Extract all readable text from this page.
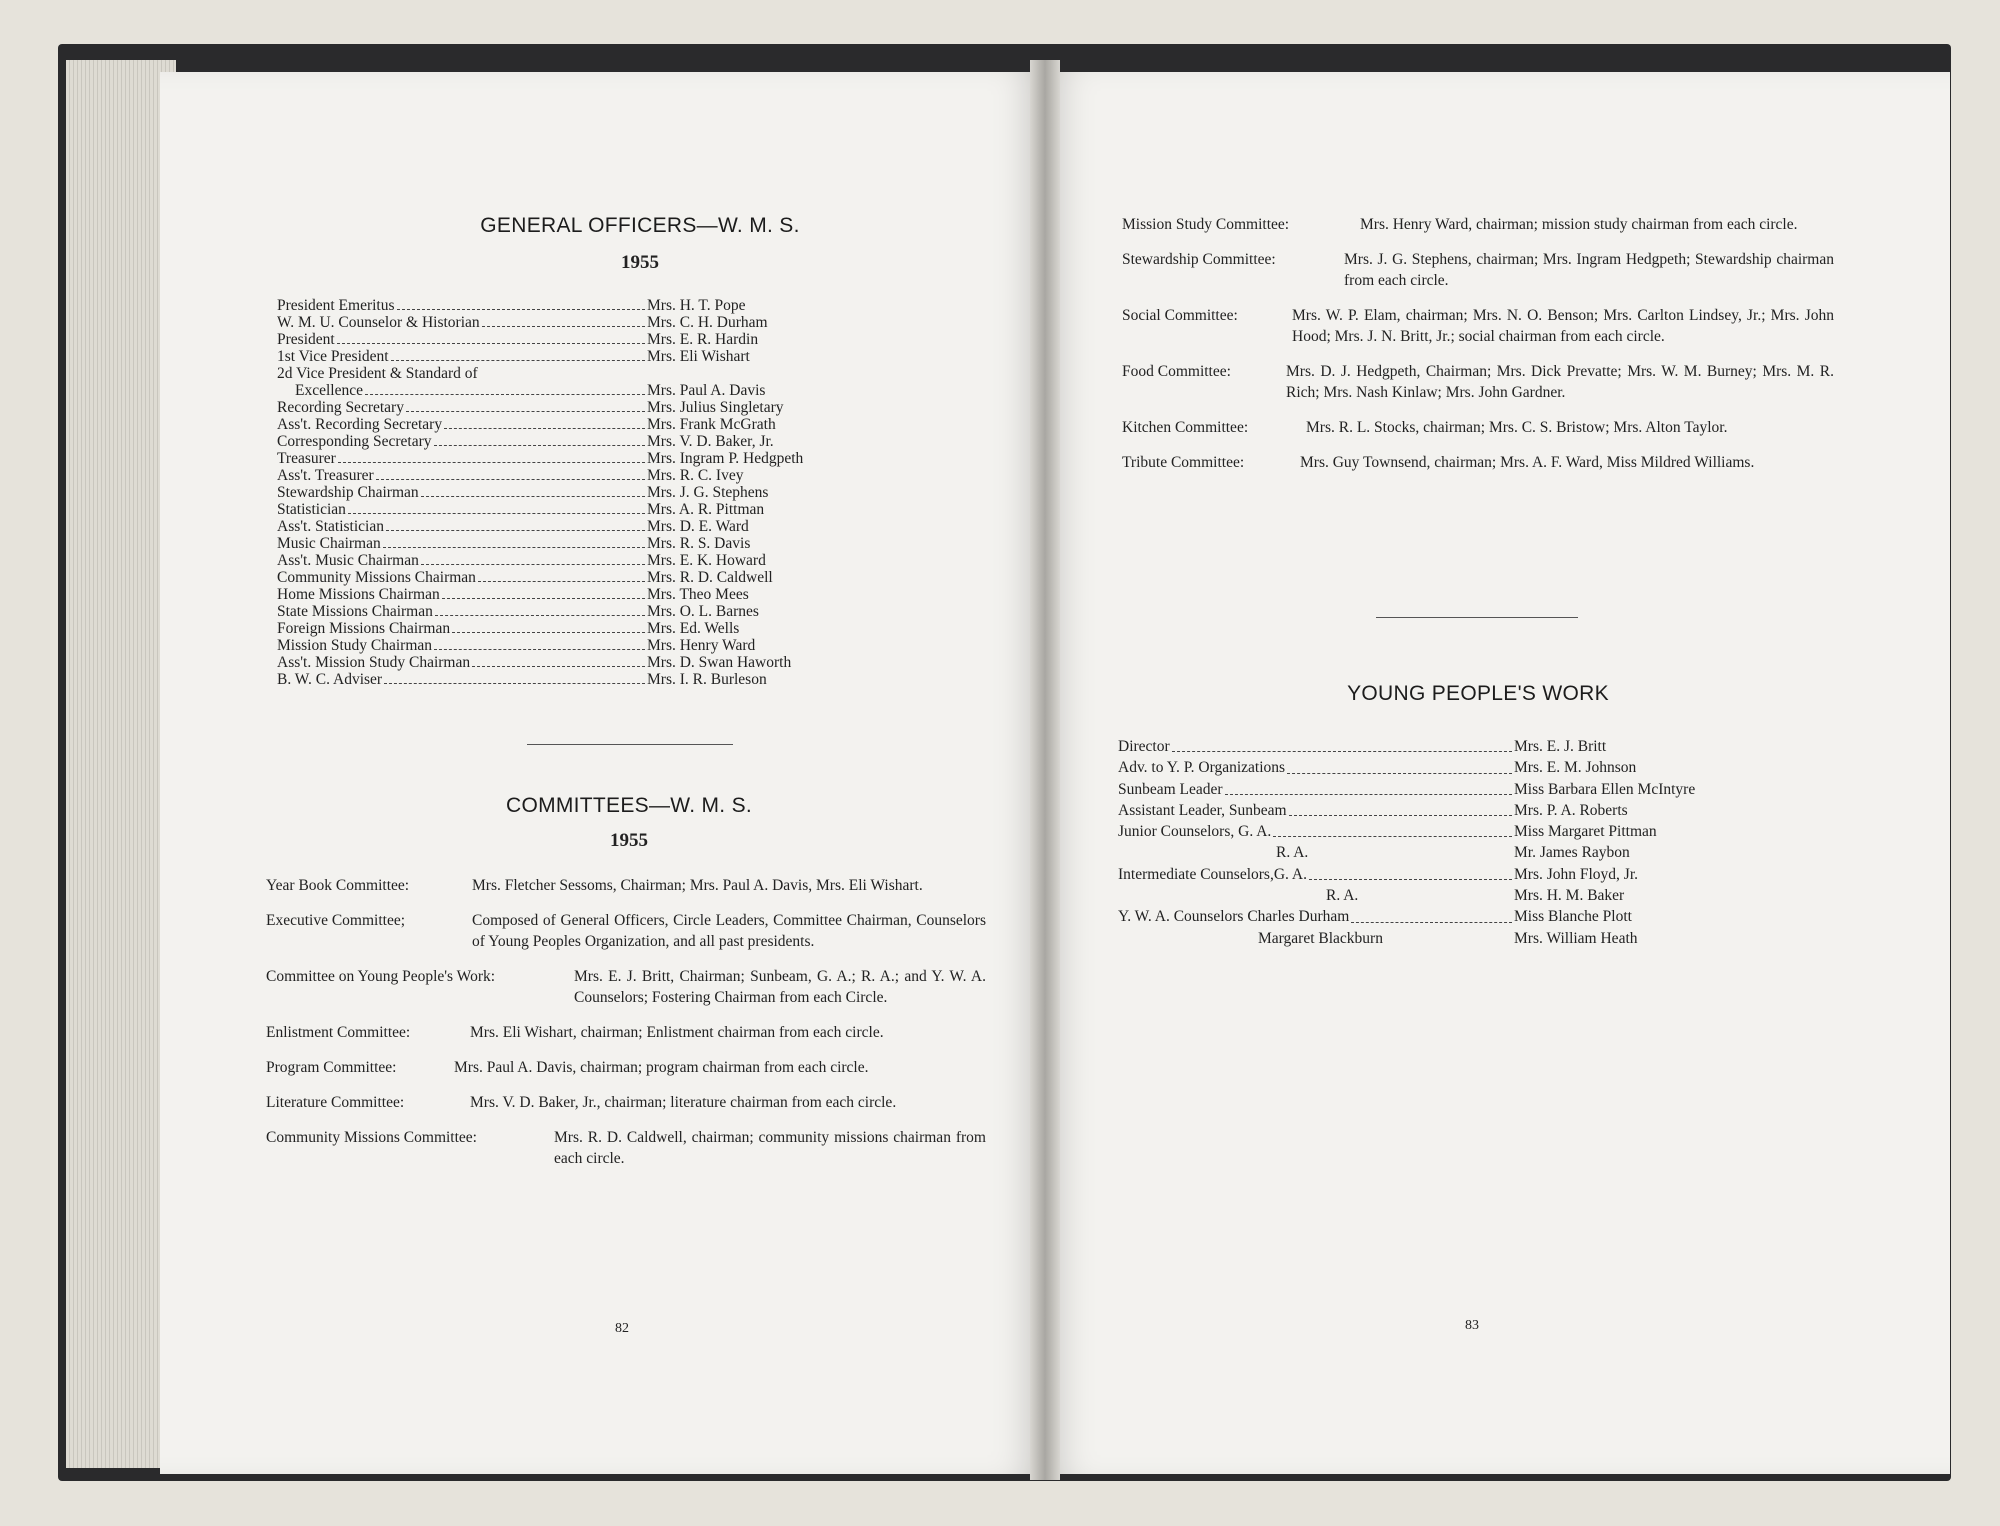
GENERAL OFFICERS—W. M. S.
1955
President Emeritus	Mrs. H. T. Pope
W. M. U. Counselor & Historian	Mrs. C. H. Durham
President	Mrs. E. R. Hardin
1st Vice President	Mrs. Eli Wishart
2d Vice President & Standard of
Excellence	Mrs. Paul A. Davis
Recording Secretary	Mrs. Julius Singletary
Ass't. Recording Secretary	Mrs. Frank McGrath
Corresponding Secretary	Mrs. V. D. Baker, Jr.
Treasurer	Mrs. Ingram P. Hedgpeth
Ass't. Treasurer	Mrs. R. C. Ivey
Stewardship Chairman	Mrs. J. G. Stephens
Statistician	Mrs. A. R. Pittman
Ass't. Statistician	Mrs. D. E. Ward
Music Chairman	Mrs. R. S. Davis
Ass't. Music Chairman	Mrs. E. K. Howard
Community Missions Chairman	Mrs. R. D. Caldwell
Home Missions Chairman	Mrs. Theo Mees
State Missions Chairman	Mrs. O. L. Barnes
Foreign Missions Chairman	Mrs. Ed. Wells
Mission Study Chairman	Mrs. Henry Ward
Ass't. Mission Study Chairman	Mrs. D. Swan Haworth
B. W. C. Adviser	Mrs. I. R. Burleson
COMMITTEES—W. M. S.
1955
Year Book Committee:	Mrs. Fletcher Sessoms, Chairman; Mrs. Paul A. Davis, Mrs. Eli Wishart.
Executive Committee;	Composed of General Officers, Circle Leaders, Committee Chairman, Counselors of Young Peoples Organization, and all past presidents.
Committee on Young People's Work:	Mrs. E. J. Britt, Chairman; Sunbeam, G. A.; R. A.; and Y. W. A. Counselors; Fostering Chairman from each Circle.
Enlistment Committee:	Mrs. Eli Wishart, chairman; Enlistment chairman from each circle.
Program Committee:	Mrs. Paul A. Davis, chairman; program chairman from each circle.
Literature Committee:	Mrs. V. D. Baker, Jr., chairman; literature chairman from each circle.
Community Missions Committee:	Mrs. R. D. Caldwell, chairman; community missions chairman from each circle.
82
Mission Study Committee:	Mrs. Henry Ward, chairman; mission study chairman from each circle.
Stewardship Committee:	Mrs. J. G. Stephens, chairman; Mrs. Ingram Hedgpeth; Stewardship chairman from each circle.
Social Committee:	Mrs. W. P. Elam, chairman; Mrs. N. O. Benson; Mrs. Carlton Lindsey, Jr.; Mrs. John Hood; Mrs. J. N. Britt, Jr.; social chairman from each circle.
Food Committee:	Mrs. D. J. Hedgpeth, Chairman; Mrs. Dick Prevatte; Mrs. W. M. Burney; Mrs. M. R. Rich; Mrs. Nash Kinlaw; Mrs. John Gardner.
Kitchen Committee:	Mrs. R. L. Stocks, chairman; Mrs. C. S. Bristow; Mrs. Alton Taylor.
Tribute Committee:	Mrs. Guy Townsend, chairman; Mrs. A. F. Ward, Miss Mildred Williams.
YOUNG PEOPLE'S WORK
Director	Mrs. E. J. Britt
Adv. to Y. P. Organizations	Mrs. E. M. Johnson
Sunbeam Leader	Miss Barbara Ellen McIntyre
Assistant Leader, Sunbeam	Mrs. P. A. Roberts
Junior Counselors, G. A.	Miss Margaret Pittman
R. A.	Mr. James Raybon
Intermediate Counselors,G. A.	Mrs. John Floyd, Jr.
R. A.	Mrs. H. M. Baker
Y. W. A. Counselors Charles Durham	Miss Blanche Plott
Margaret Blackburn	Mrs. William Heath
83
